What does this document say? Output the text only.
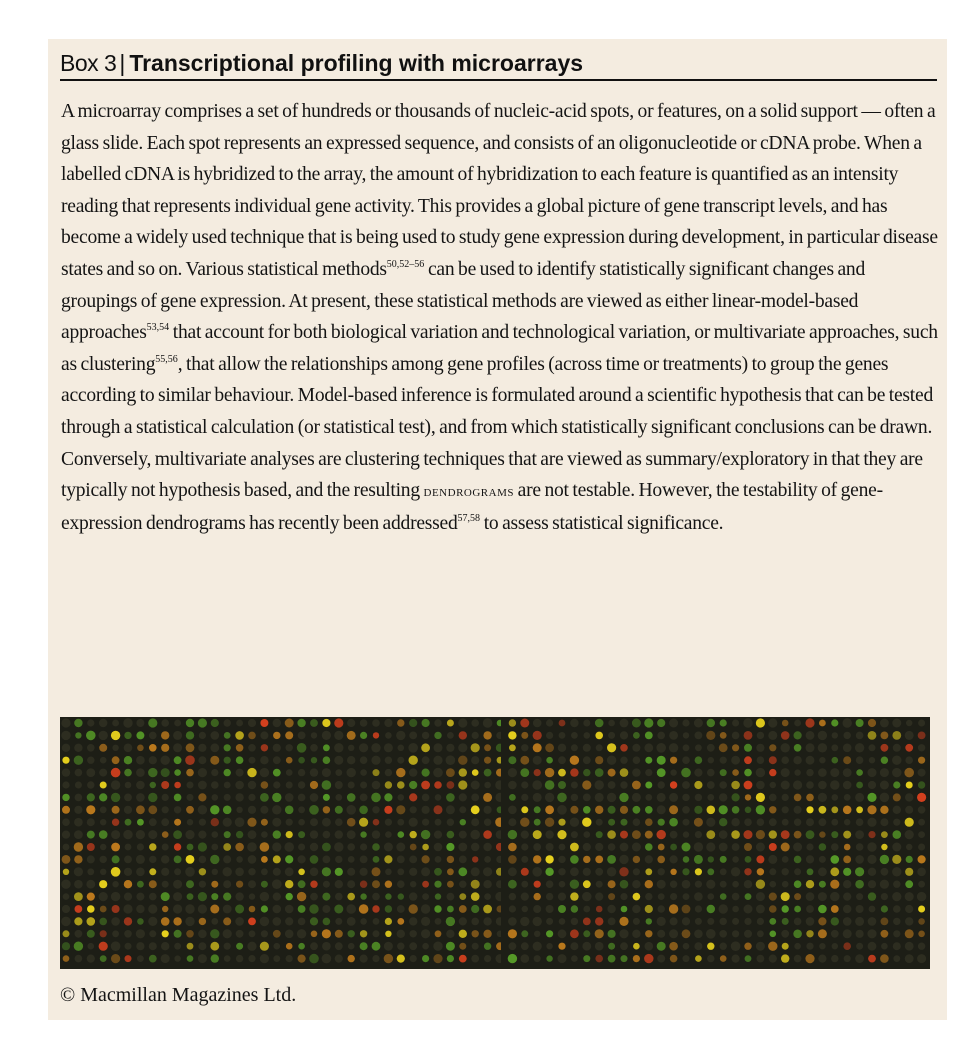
Box 3 | Transcriptional profiling with microarrays
A microarray comprises a set of hundreds or thousands of nucleic-acid spots, or features, on a solid support — often a glass slide. Each spot represents an expressed sequence, and consists of an oligonucleotide or cDNA probe. When a labelled cDNA is hybridized to the array, the amount of hybridization to each feature is quantified as an intensity reading that represents individual gene activity. This provides a global picture of gene transcript levels, and has become a widely used technique that is being used to study gene expression during development, in particular disease states and so on. Various statistical methods$^{50,52-56}$ can be used to identify statistically significant changes and groupings of gene expression. At present, these statistical methods are viewed as either linear-model-based approaches$^{53,54}$ that account for both biological variation and technological variation, or multivariate approaches, such as clustering$^{55,56}$, that allow the relationships among gene profiles (across time or treatments) to group the genes according to similar behaviour. Model-based inference is formulated around a scientific hypothesis that can be tested through a statistical calculation (or statistical test), and from which statistically significant conclusions can be drawn. Conversely, multivariate analyses are clustering techniques that are viewed as summary/exploratory in that they are typically not hypothesis based, and the resulting dendrograms are not testable. However, the testability of gene-expression dendrograms has recently been addressed$^{57,58}$ to assess statistical significance.
© Macmillan Magazines Ltd.
